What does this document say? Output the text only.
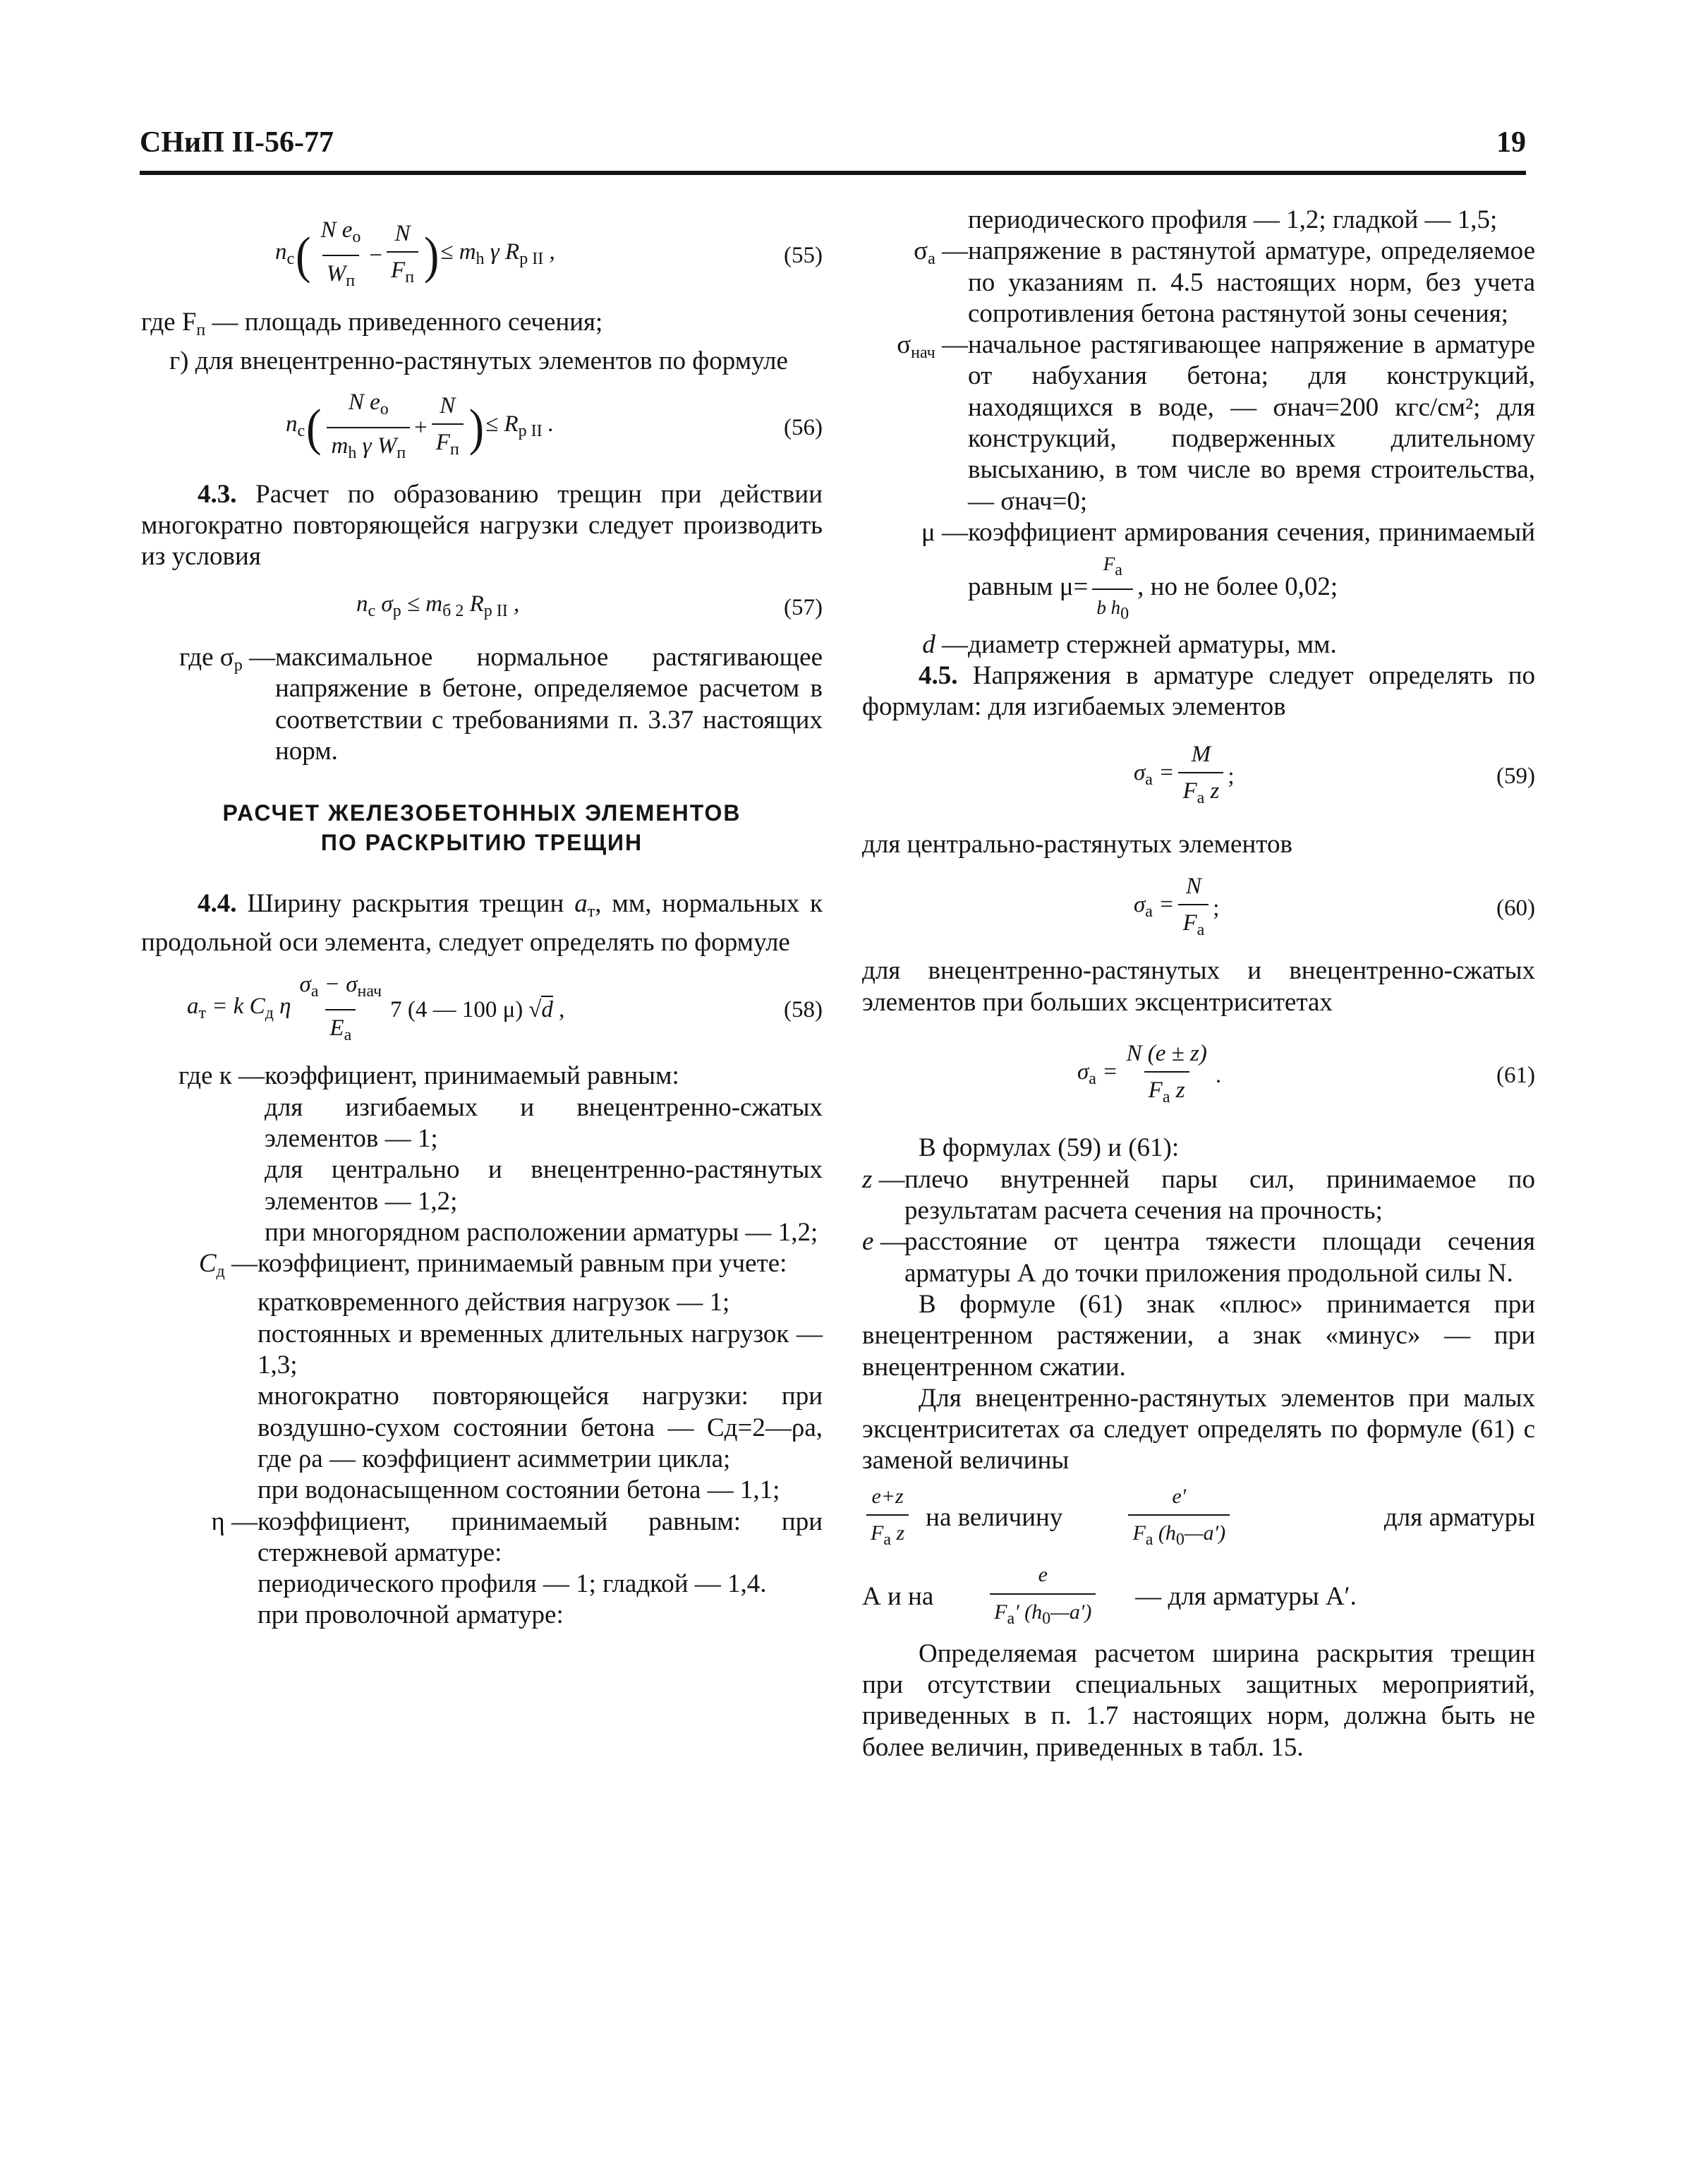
СНиП II-56-77	19
$n_с$ ( $\frac{N e_o}{W_п} - \frac{N}{F_п}$ ) ≤ $m_h$ γ $R_{р II}$ ,	(55)

где Fп — площадь приведенного сечения;

г) для внецентренно-растянутых элементов по формуле

$n_с$ ( $\frac{N e_o}{m_h \gamma W_п} + \frac{N}{F_п}$ ) ≤ $R_{р II}$ .	(56)

4.3. Расчет по образованию трещин при действии многократно повторяющейся нагрузки следует производить из условия

$n_с$ $\sigma_р \le m_{б 2}$ $R_{р II}$ ,	(57)
где σр — максимальное нормальное растягивающее напряжение в бетоне, определяемое расчетом в соответствии с требованиями п. 3.37 настоящих норм.

РАСЧЕТ ЖЕЛЕЗОБЕТОННЫХ ЭЛЕМЕНТОВ

ПО РАСКРЫТИЮ ТРЕЩИН

4.4. Ширину раскрытия трещин aт, мм, нормальных к продольной оси элемента, следует определять по формуле

$a_т = k$ $C_д$ η $\frac{\sigma_а - \sigma_{нач}}{E_а} 7$ (4 — 100 μ) √d ,	(58)
где к — коэффициент, принимаемый равным:

для изгибаемых и внецентренно-сжатых элементов — 1;

для центрально и внецентренно-растянутых элементов — 1,2;

при многорядном расположении арматуры — 1,2;

Cд — коэффициент, принимаемый равным при учете:

кратковременного действия нагрузок — 1;

постоянных и временных длительных нагрузок — 1,3;

многократно повторяющейся нагрузки: при воздушно-сухом состоянии бетона — Cд=2—ρа, где ρа — коэффициент асимметрии цикла;

при водонасыщенном состоянии бетона — 1,1;

η — коэффициент, принимаемый равным: при стержневой арматуре:

периодического профиля — 1; гладкой — 1,4.

при проволочной арматуре:

периодического профиля — 1,2; гладкой — 1,5;

σа — напряжение в растянутой арматуре, определяемое по указаниям п. 4.5 настоящих норм, без учета сопротивления бетона растянутой зоны сечения;
σнач — начальное растягивающее напряжение в арматуре от набухания бетона; для конструкций, находящихся в воде, — σнач=200 кгс/см²; для конструкций, подверженных длительному высыханию, в том числе во время строительства, — σнач=0;
μ — коэффициент армирования сечения, принимаемый равным $\mu= \frac{Fa}{\text{b h0}}$ , но не более 0,02;
d — диаметр стержней арматуры, мм.

4.5. Напряжения в арматуре следует определять по формулам: для изгибаемых элементов

$\sigma_а = \frac{M}{F_а z}$ ;	(59)

для центрально-растянутых элементов

$\sigma_а = \frac{N}{F_а}$ ;	(60)

для внецентренно-растянутых и внецентренно-сжатых элементов при больших эксцентриситетах

$\sigma_а = \frac{N (e \pm z)}{F_а z}$ .	(61)

В формулах (59) и (61):

z — плечо внутренней пары сил, принимаемое по результатам расчета сечения на прочность;
e —
расстояние от центра тяжести площади сечения арматуры А до точки приложения продольной силы N.

В формуле (61) знак «плюс» принимается при внецентренном растяжении, а знак «минус» — при внецентренном сжатии.

Для внецентренно-растянутых элементов при малых эксцентриситетах σа следует определять по формуле (61) с заменой величины

$\frac{e+z}{F_a z}$ на величину $\frac{e'}{F_a (h_0—a')}$	для арматуры
А и на $\frac{e}{F_a' (h_0—a')}$ — для арматуры А′.

Определяемая расчетом ширина раскрытия трещин при отсутствии специальных защитных мероприятий, приведенных в п. 1.7 настоящих норм, должна быть не более величин, приведенных в табл. 15.
